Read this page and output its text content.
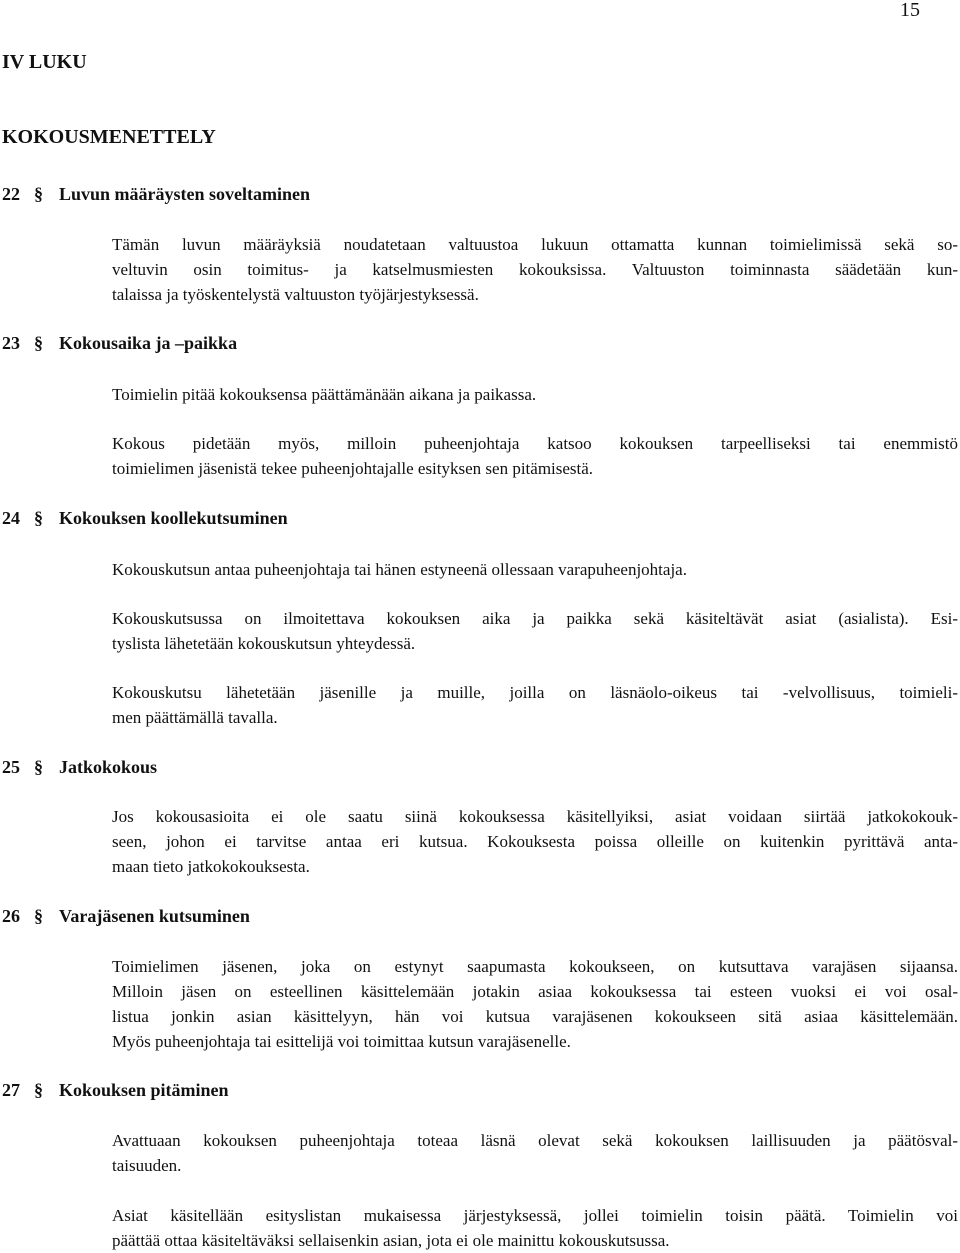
15

IV LUKU

KOKOUSMENETTELY

22 § Luvun määräysten soveltaminen
Tämän luvun määräyksiä noudatetaan valtuustoa lukuun ottamatta kunnan toimielimissä sekä so-
veltuvin osin toimitus- ja katselmusmiesten kokouksissa. Valtuuston toiminnasta säädetään kun-
talaissa ja työskentelystä valtuuston työjärjestyksessä.
23 § Kokousaika ja –paikka
Toimielin pitää kokouksensa päättämänään aikana ja paikassa.
Kokous pidetään myös, milloin puheenjohtaja katsoo kokouksen tarpeelliseksi tai enemmistö
toimielimen jäsenistä tekee puheenjohtajalle esityksen sen pitämisestä.
24 § Kokouksen koollekutsuminen
Kokouskutsun antaa puheenjohtaja tai hänen estyneenä ollessaan varapuheenjohtaja.
Kokouskutsussa on ilmoitettava kokouksen aika ja paikka sekä käsiteltävät asiat (asialista). Esi-
tyslista lähetetään kokouskutsun yhteydessä.
Kokouskutsu lähetetään jäsenille ja muille, joilla on läsnäolo-oikeus tai -velvollisuus, toimieli-
men päättämällä tavalla.
25 § Jatkokokous
Jos kokousasioita ei ole saatu siinä kokouksessa käsitellyiksi, asiat voidaan siirtää jatkokokouk-
seen, johon ei tarvitse antaa eri kutsua. Kokouksesta poissa olleille on kuitenkin pyrittävä anta-
maan tieto jatkokokouksesta.
26 § Varajäsenen kutsuminen
Toimielimen jäsenen, joka on estynyt saapumasta kokoukseen, on kutsuttava varajäsen sijaansa.
Milloin jäsen on esteellinen käsittelemään jotakin asiaa kokouksessa tai esteen vuoksi ei voi osal-
listua jonkin asian käsittelyyn, hän voi kutsua varajäsenen kokoukseen sitä asiaa käsittelemään.
Myös puheenjohtaja tai esittelijä voi toimittaa kutsun varajäsenelle.
27 § Kokouksen pitäminen
Avattuaan kokouksen puheenjohtaja toteaa läsnä olevat sekä kokouksen laillisuuden ja päätösval-
taisuuden.
Asiat käsitellään esityslistan mukaisessa järjestyksessä, jollei toimielin toisin päätä. Toimielin voi
päättää ottaa käsiteltäväksi sellaisenkin asian, jota ei ole mainittu kokouskutsussa.
